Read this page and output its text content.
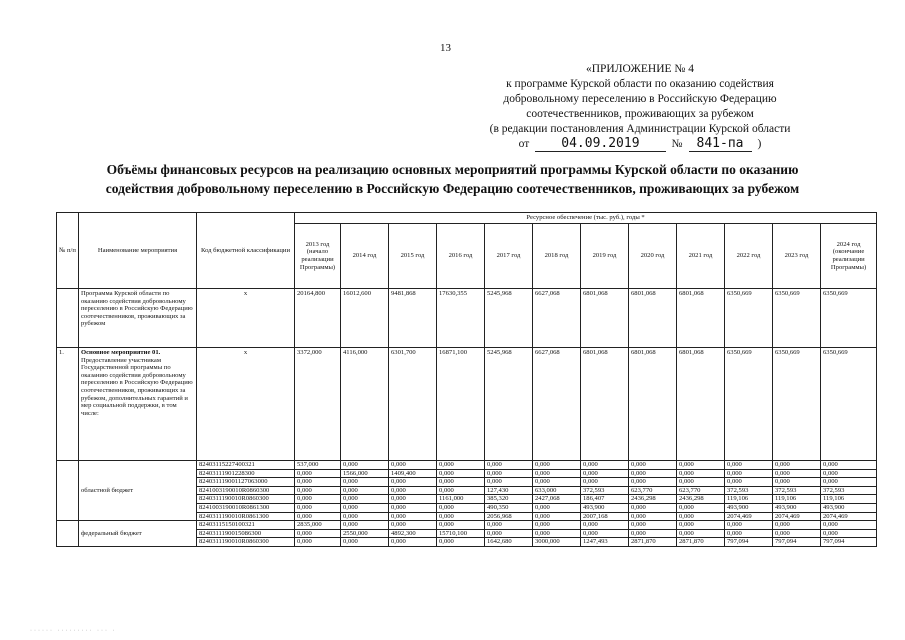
13
«ПРИЛОЖЕНИЕ № 4
к программе Курской области по оказанию содействия
добровольному переселению в Российскую Федерацию
соотечественников, проживающих за рубежом
(в редакции постановления Администрации Курской области
от	04.09.2019	№	841-па	)
Объёмы финансовых ресурсов на реализацию основных мероприятий программы Курской области по оказанию
содействия добровольному переселению в Российскую Федерацию соотечественников, проживающих за рубежом
№ п/п	Наименование мероприятия	Код бюджетной классификации	Ресурсное обеспечение (тыс. руб.), годы *											
			2013 год (начало реализации Программы)	2014 год	2015 год	2016 год	2017 год	2018 год	2019 год	2020 год	2021 год	2022 год	2023 год	2024 год (окончание реализации Программы)
	Программа Курской области по оказанию содействия добровольному переселению в Российскую Федерацию соотечественников, проживающих за рубежом	х	20164,800	16012,600	9481,868	17630,355	5245,968	6627,068	6801,068	6801,068	6801,068	6350,669	6350,669	6350,669
1.	Основное мероприятие 01. Предоставление участникам Государственной программы по оказанию содействия добровольному переселению в Российскую Федерацию соотечественников, проживающих за рубежом, дополнительных гарантий и мер социальной поддержки, в том числе:	х	3372,000	4116,000	6301,700	16871,100	5245,968	6627,068	6801,068	6801,068	6801,068	6350,669	6350,669	6350,669
	областной бюджет	82403115227400321	537,000	0,000	0,000	0,000	0,000	0,000	0,000	0,000	0,000	0,000	0,000	0,000
		82403111901228300	0,000	1566,000	1409,400	0,000	0,000	0,000	0,000	0,000	0,000	0,000	0,000	0,000
		824031119001127063000	0,000	0,000	0,000	0,000	0,000	0,000	0,000	0,000	0,000	0,000	0,000	0,000
		8241003190010R0860300	0,000	0,000	0,000	0,000	127,430	633,000	372,593	623,770	623,770	372,593	372,593	372,593
		8240311190010R0860300	0,000	0,000	0,000	1161,000	385,320	2427,068	186,407	2436,298	2436,298	119,106	119,106	119,106
		8241003190010R0861300	0,000	0,000	0,000	0,000	490,350	0,000	493,900	0,000	0,000	493,900	493,900	493,900
		8240311190010R0861300	0,000	0,000	0,000	0,000	2056,968	0,000	2007,168	0,000	0,000	2074,469	2074,469	2074,469
	федеральный бюджет	82403115150100321	2835,000	0,000	0,000	0,000	0,000	0,000	0,000	0,000	0,000	0,000	0,000	0,000
		8240311190015086300	0,000	2550,000	4892,300	15710,100	0,000	0,000	0,000	0,000	0,000	0,000	0,000	0,000
		8240311190010R0860300	0,000	0,000	0,000	0,000	1642,680	3000,000	1247,493	2871,870	2871,870	797,094	797,094	797,094
······ ········· ··· ·
